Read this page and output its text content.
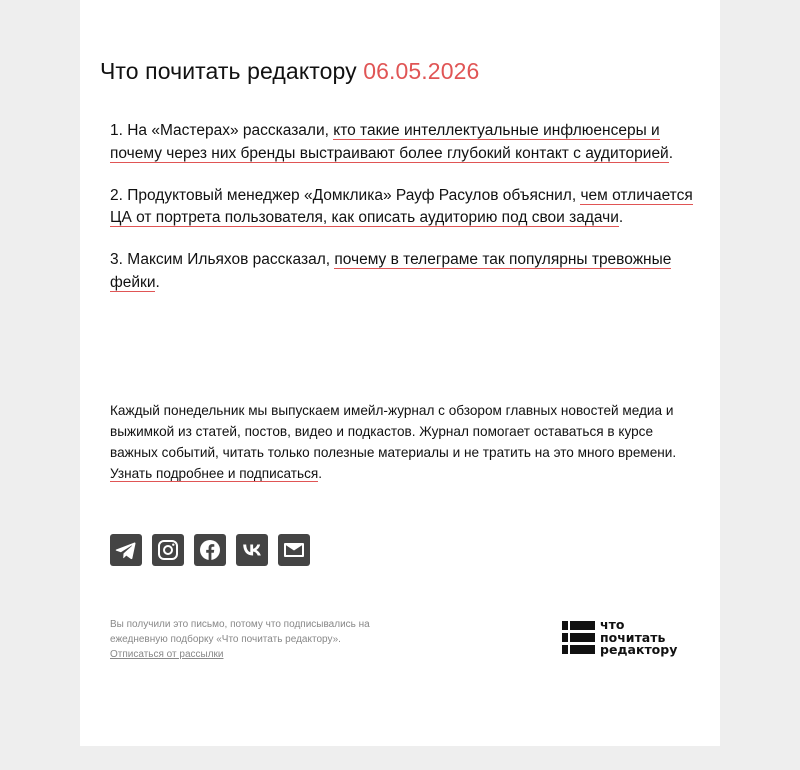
Что почитать редактору 06.05.2026

1. На «Мастерах» рассказали, кто такие интеллектуальные инфлюенсеры и почему через них бренды выстраивают более глубокий контакт с аудиторией.

2. Продуктовый менеджер «Домклика» Рауф Расулов объяснил, чем отличается ЦА от портрета пользователя, как описать аудиторию под свои задачи.

3. Максим Ильяхов рассказал, почему в телеграме так популярны тревожные фейки.

Каждый понедельник мы выпускаем имейл-журнал с обзором главных новостей медиа и выжимкой из статей, постов, видео и подкастов. Журнал помогает оставаться в курсе важных событий, читать только полезные материалы и не тратить на это много времени. Узнать подробнее и подписаться.

Вы получили это письмо, потому что подписывались на ежедневную подборку «Что почитать редактору».
Отписаться от рассылки

что
почитать
редактору
